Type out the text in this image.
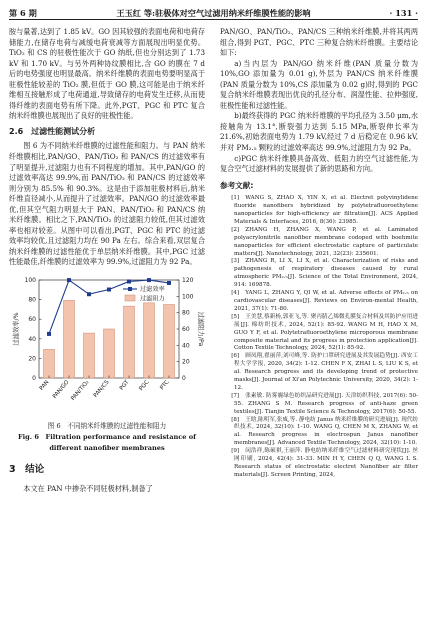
第 6 期	王玉红 等:驻极体对空气过滤用纳米纤维膜性能的影响	· 131 ·

胺与量著,达到了 1.85 kV。GO 因其较强的表面电荷和电荷存储能力,在储存电荷与减缓电荷衰减等方面展现出明显优势。TiO₂ 和 CS 的驻极性能次于 GO 纳纸,但也分别达到了 1.73 kV 和 1.70 kV。与另外两种协纹膜相比,含 GO 的膜在 7 d 后的电势强度也明显最高。纳米纤维膜的表面电势要明显高于驻极性能较差的 TiO₂ 膜,但低于 GO 膜,这可能是由于纳米纤维相互接触形成了电荷通道,导致储存的电荷发生迁移,从而使得纤维的表面电势有所下降。此外,PGT、PGC 和 PTC 复合纳米纤维膜也展现出了良好的驻极性能。

2.6　过滤性能测试分析

图 6 为不同纳米纤维膜的过滤性能和阻力。与 PAN 纳米纤维膜相比,PAN/GO、PAN/TiO₂ 和 PAN/CS 的过滤效率有了明显提升,过滤阻力也有不同程度的增加。其中,PAN/GO 的过滤效率高达 99.9%,而 PAN/TiO₂ 和 PAN/CS 的过滤效率则分别为 85.5% 和 90.3%。这是由于添加驻极材料后,纳米纤维直径减小,从而提升了过滤效率。PAN/GO 的过滤效率最优,但其空气阻力明显大于 PAN、PAN/TiO₂ 和 PAN/CS 纳米纤维膜。相比之下,PAN/TiO₂ 的过滤阻力较低,但其过滤效率也相对较差。从图中可以看出,PGT、PGC 和 PTC 的过滤效率均较优,且过滤阻力均在 90 Pa 左右。综合来看,双层复合纳米纤维膜的过滤性能优于单层纳米纤维膜。其中,PGC 过滤性能最佳,纤维膜的过滤效率为 99.9%,过滤阻力为 92 Pa。

0
20
40
60
80
100
0
20
40
60
80
100
120
PAN PAN/GO PAN/TiO₂ PAN/CS PGT PGC PTC
过滤效率/%	过滤阻力/Pa
过滤效率
过滤阻力
图 6　不同纳米纤维膜的过滤性能和阻力
Fig. 6　Filtration performance and resistance of
different nanofiber membranes
3　结论

本文在 PAN 中掺杂不同驻极材料,制备了

PAN/GO、PAN/TiO₂、PAN/CS 三种纳米纤维膜,并将其两两组合,得到 PGT、PGC、PTC 三种复合纳米纤维膜。主要结论如下:

a)当内层为 PAN/GO 纳米纤维(PAN 质量分数为 10%,GO 添加量为 0.01 g),外层为 PAN/CS 纳米纤维膜(PAN 质量分数为 10%,CS 添加量为 0.02 g)时,得到的 PGC 复合纳米纤维膜表现出优良的孔径分布、润湿性能、拉伸强度,驻极性能和过滤性能。

b)最终获得的 PGC 纳米纤维膜的平均孔径为 3.50 μm,水接触角为 13.1°,断裂强力达到 5.15 MPa,断裂伸长率为 21.6%,初始表面电势为 1.79 kV,经过 7 d 后稳定在 0.96 kV,并对 PM₂.₅ 颗粒的过滤效率高达 99.9%,过滤阻力为 92 Pa。

c)PGC 纳米纤维膜具备高效、低阻力的空气过滤性能,为复合空气过滤材料的发展提供了新的思路和方向。

参考文献:

[1] WANG S, ZHAO X, YIN X, et al. Electret polyvinylidene fluoride nanofibers hybridized by polytetrafluoroethylene nanoparticles for high-efficiency air filtration[J]. ACS Applied Materials & Interfaces, 2016, 8(36): 23985.

[2] ZHANG H, ZHANG X, WANG P, et al. Laminated polyacrylonitrile nanofiber membrane codoped with boehmite nanoparticles for efficient electrostatic capture of particulate matters[J]. Nanotechnology, 2021, 32(23): 235601.

[3] ZHANG R, LI X, LI X, et al. Characterization of risks and pathogenesis of respiratory diseases caused by rural atmospheric PM₂.₅[J]. Science of the Total Environment, 2024, 914: 169878.

[4] YANG L, ZHANG Y, QI W, et al. Adverse effects of PM₂.₅ on cardiovascular diseases[J]. Reviews on Environ-mental Health, 2021, 37(1): 71-80.

[5] 王美慧,蔡新杨,郭亚飞,等. 聚丙腈乙烯微孔膜复合材料及其防护应用进展[J]. 棉纺织技术, 2024, 52(1): 85-92. WANG M H, HAO X M, GUO Y F, et al. Polytetrafluoroethylene microporous membrane composite material and its progress in protection application[J]. Cotton Textile Technology, 2024, 52(1): 85-92.

[6] 顾凤翔,翟丽萍,刘可峰,等. 防护口罩研究进展及其发展趋势[J]. 西安工程大学学报, 2020, 34(2): 1-12. CHEN F X, ZHAI L S, LIU K S, et al. Research progress and its developing trend of protective masks[J]. Journal of Xi'an Polytechnic University, 2020, 34(2): 1-12.

[7] 张素敏. 防雾霾绿色纺织品研究进展[J]. 天津纺织科技, 2017(6): 50-55. ZHANG S M. Research progress of anti-haze green textiles[J]. Tianjin Textile Science & Technology, 2017(6): 50-55.

[8] 王晗,陈明军,张威,等. 静电纺 Janus 纳米纤维膜的研究进展[J]. 现代纺织技术, 2024, 32(10): 1-10. WANG Q, CHEN M X, ZHANG W, et al. Research progress in electrospun Janus nanofiber membranes[J]. Advanced Textile Technology, 2024, 32(10): 1-10.

[9] 闵浩祥,陈硕祺,王丽萍. 静电纺纳米纤维空气过滤材料研究现状[J]. 丝网印刷, 2024, 42(4): 31-33. MIN H Y, CHEN Q Q, WANG L S. Research status of electrostatic electret Nanofiber air filter materials[J]. Screen Printing, 2024,
